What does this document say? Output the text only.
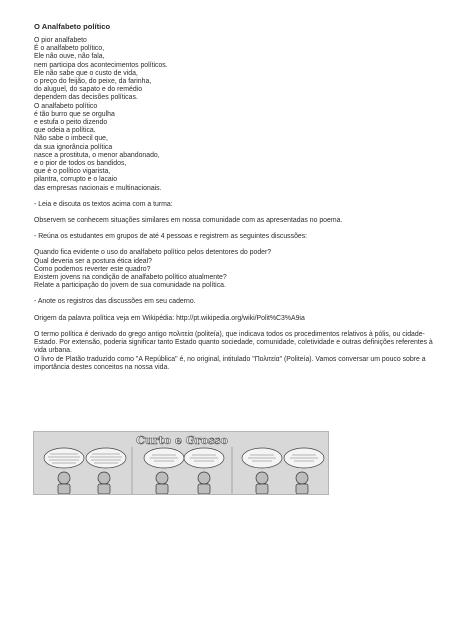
O Analfabeto político
O pior analfabeto
É o analfabeto político,
Ele não ouve, não fala,
nem participa dos acontecimentos políticos.
Ele não sabe que o custo de vida,
o preço do feijão, do peixe, da farinha,
do aluguel, do sapato e do remédio
dependem das decisões políticas.
O analfabeto político
é tão burro que se orgulha
e estufa o peito dizendo
que odeia a política.
Não sabe o imbecil que,
da sua ignorância política
nasce a prostituta, o menor abandonado,
e o pior de todos os bandidos,
que é o político vigarista,
pilantra, corrupto e o lacaio
das empresas nacionais e multinacionais.

- Leia e discuta os textos acima com a turma:

Observem se conhecem situações similares em nossa comunidade com as apresentadas no poema.

- Reúna os estudantes em grupos de até 4 pessoas e registrem as seguintes discussões:

Quando fica evidente o uso do analfabeto político pelos detentores do poder?
Qual deveria ser a postura ética ideal?
Como podemos reverter este quadro?
Existem jovens na condição de analfabeto político atualmente?
Relate a participação do jovem de sua comunidade na política.

- Anote os registros das discussões em seu caderno.

Origem da palavra política veja em Wikipédia: http://pt.wikipedia.org/wiki/Polit%C3%A9ia

O termo política é derivado do grego antigo πολιτεία (politeía), que indicava todos os procedimentos relativos à pólis, ou cidade-Estado. Por extensão, poderia significar tanto Estado quanto sociedade, comunidade, coletividade e outras definições referentes à vida urbana.

O livro de Platão traduzido como "A República" é, no original, intitulado "Πολιτεία" (Politeía). Vamos conversar um pouco sobre a importância destes conceitos na nossa vida.

Curto e Grosso
